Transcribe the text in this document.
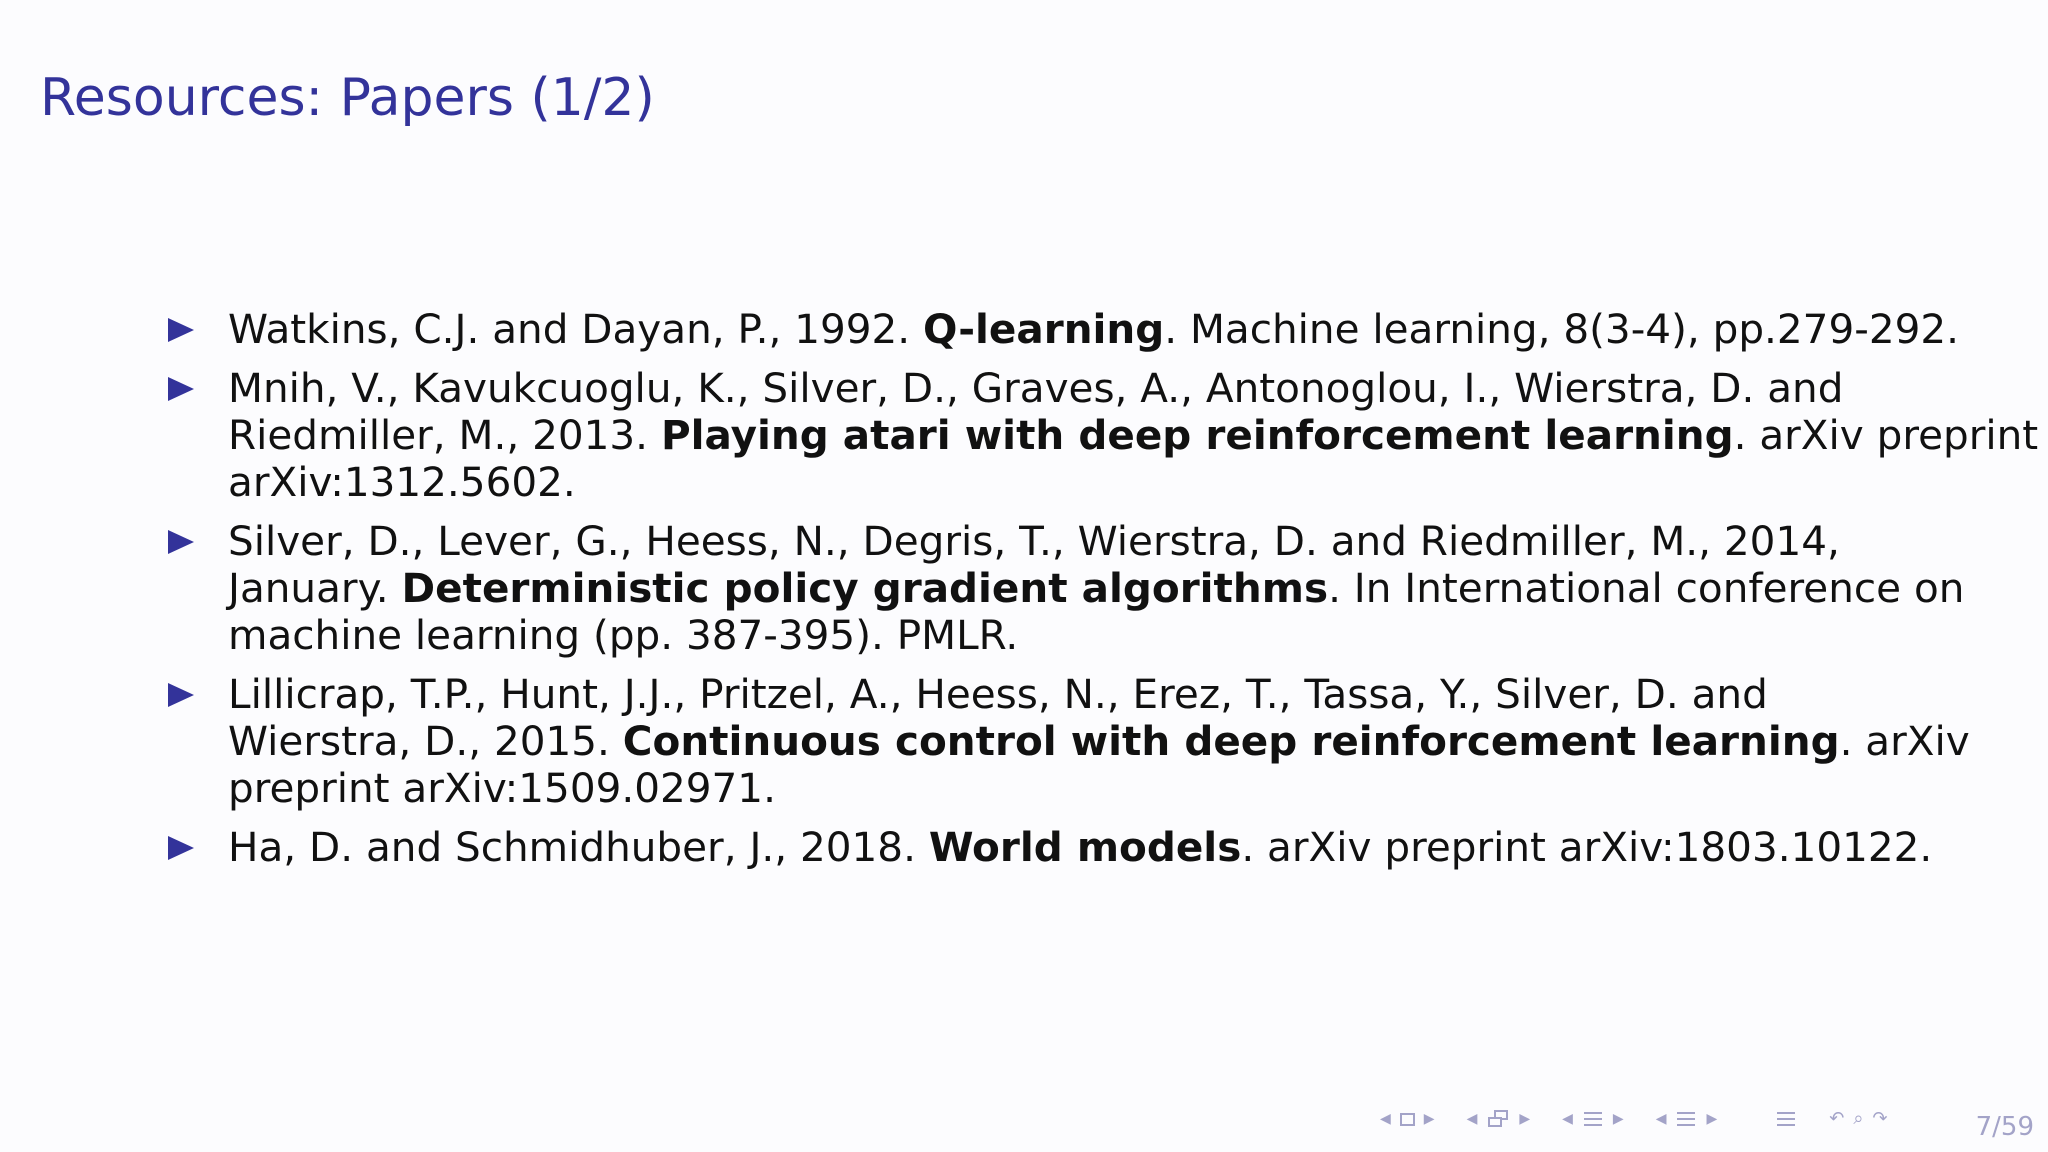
Resources: Papers (1/2)
Watkins, C.J. and Dayan, P., 1992. Q-learning. Machine learning, 8(3-4), pp.279-292.
Mnih, V., Kavukcuoglu, K., Silver, D., Graves, A., Antonoglou, I., Wierstra, D. and
Riedmiller, M., 2013. Playing atari with deep reinforcement learning. arXiv preprint
arXiv:1312.5602.
Silver, D., Lever, G., Heess, N., Degris, T., Wierstra, D. and Riedmiller, M., 2014,
January. Deterministic policy gradient algorithms. In International conference on
machine learning (pp. 387-395). PMLR.
Lillicrap, T.P., Hunt, J.J., Pritzel, A., Heess, N., Erez, T., Tassa, Y., Silver, D. and
Wierstra, D., 2015. Continuous control with deep reinforcement learning. arXiv
preprint arXiv:1509.02971.
Ha, D. and Schmidhuber, J., 2018. World models. arXiv preprint arXiv:1803.10122.
◀ ▶ ◀	▶ ◀	▶ ◀	▶	↶ ⌕ ↷	7/59
